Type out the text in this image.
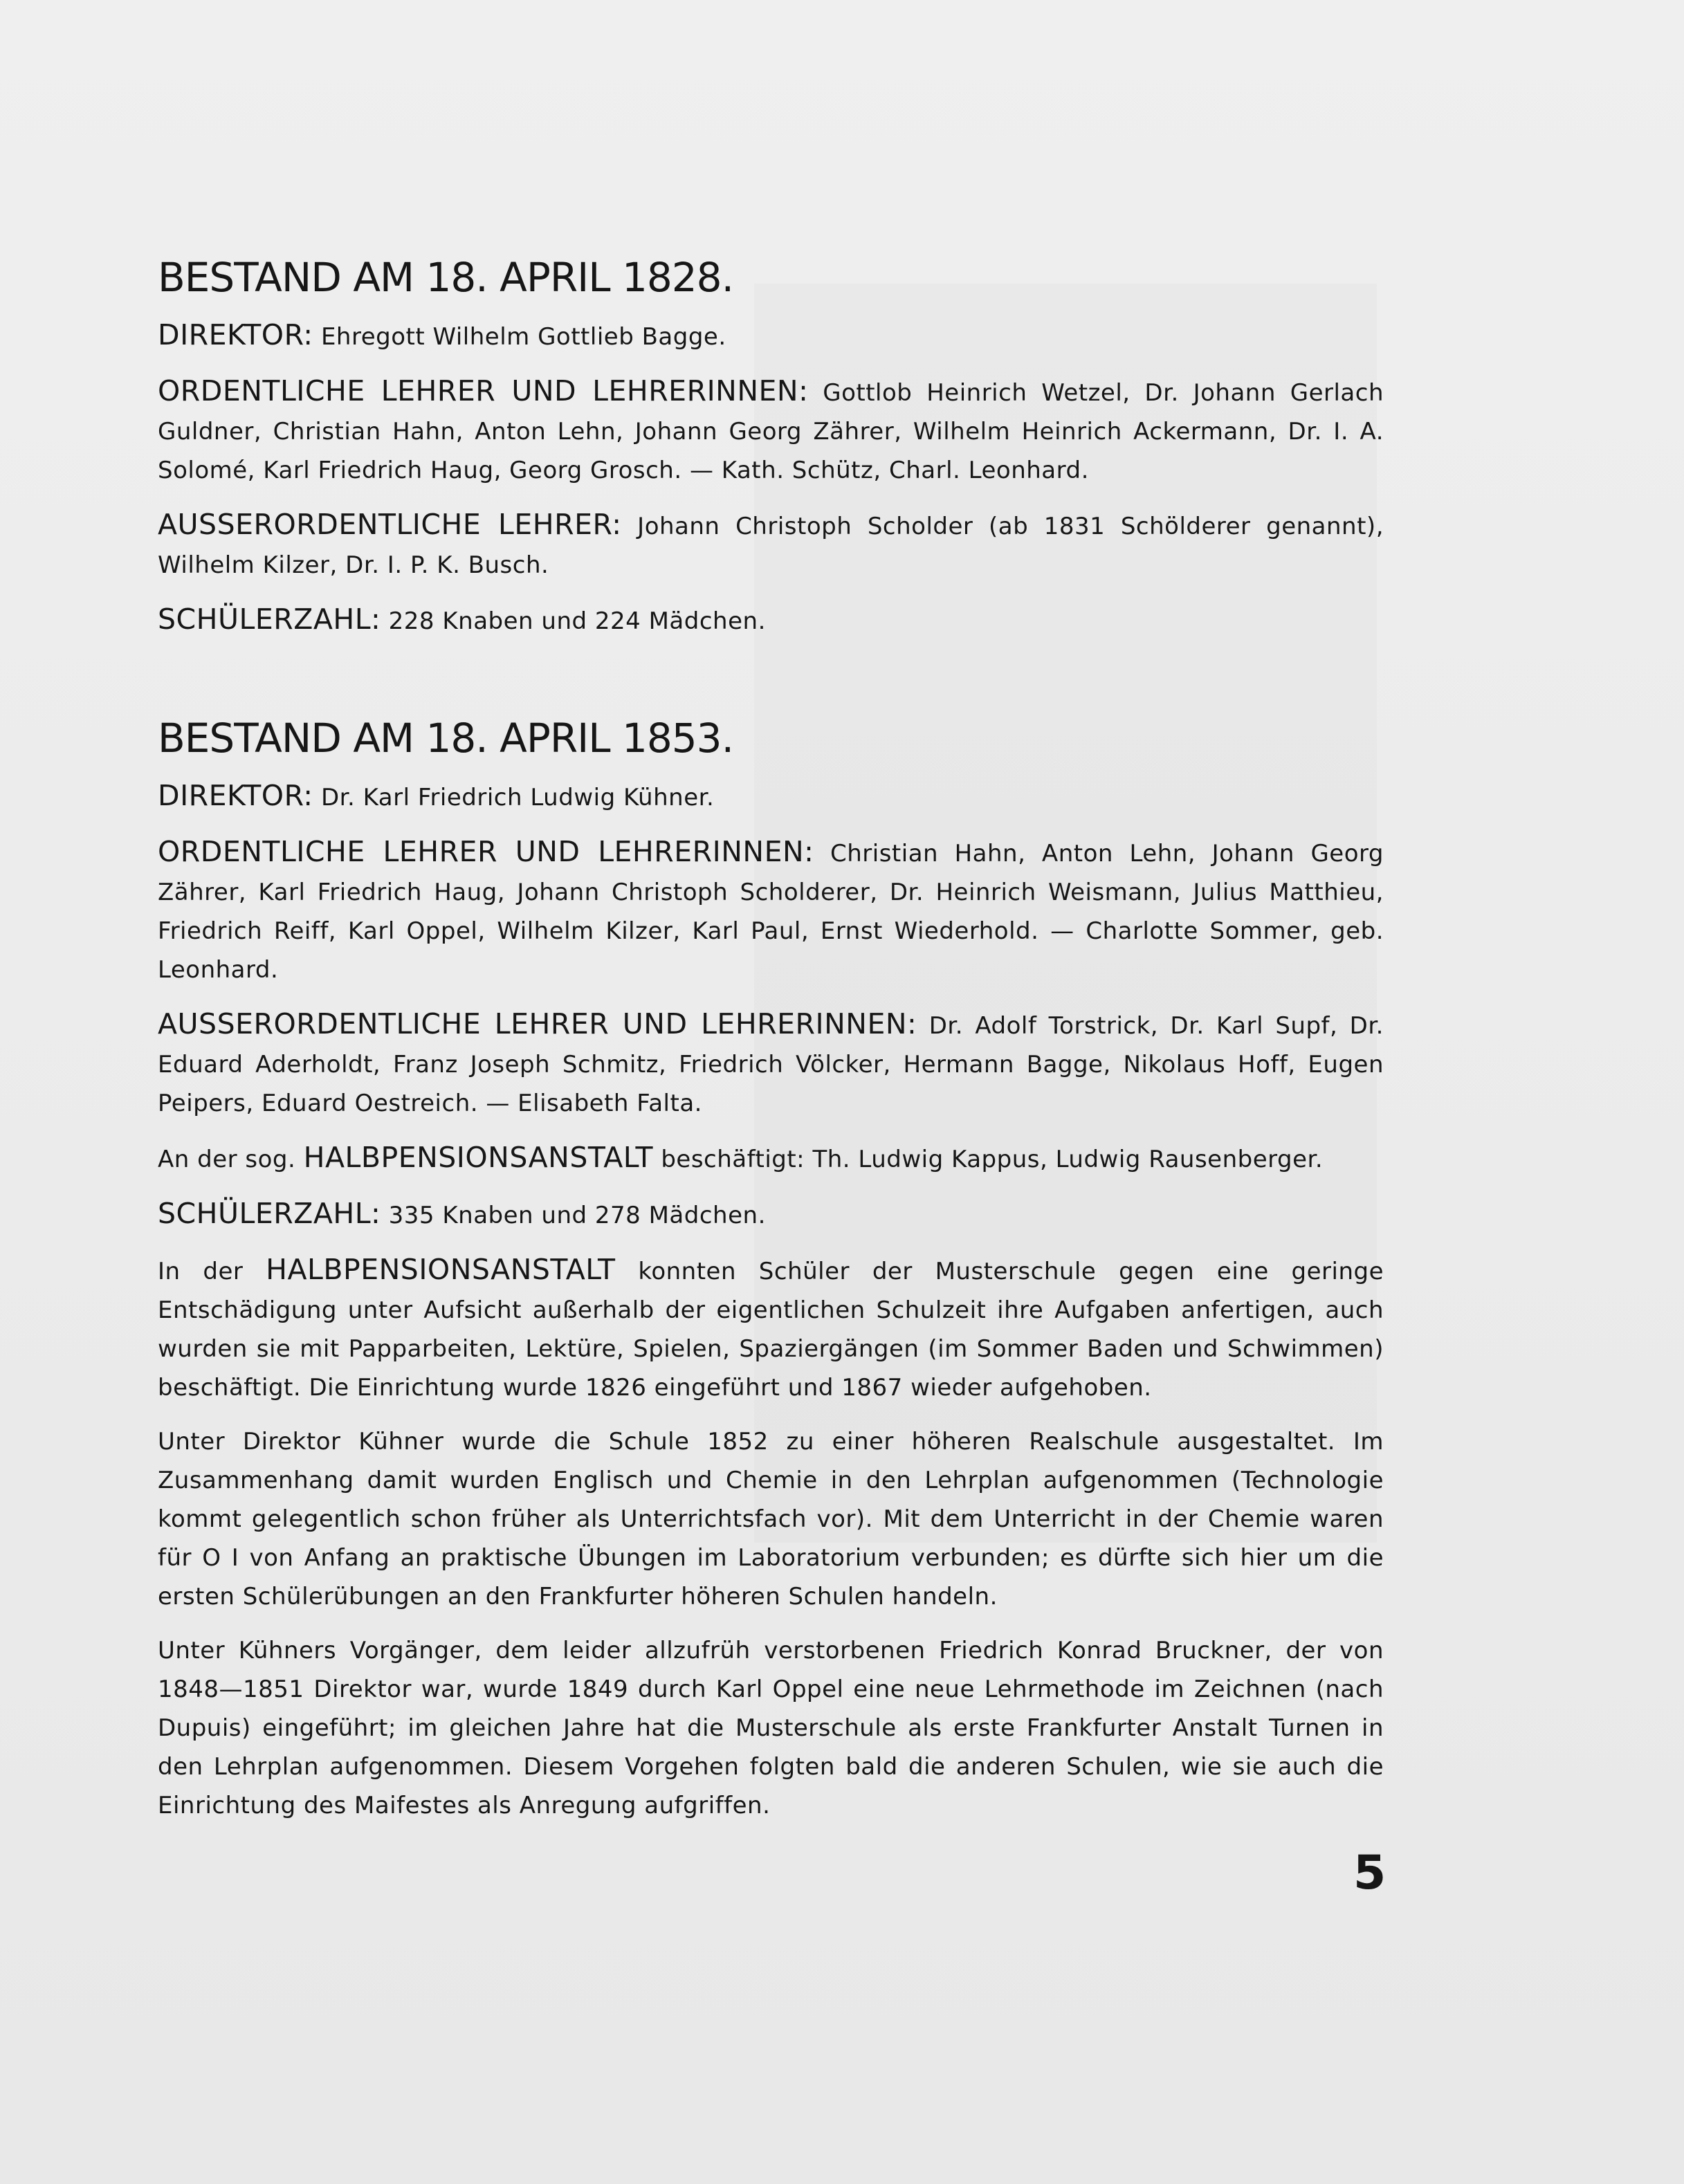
BESTAND AM 18. APRIL 1828.

DIREKTOR: Ehregott Wilhelm Gottlieb Bagge.

ORDENTLICHE LEHRER UND LEHRERINNEN: Gottlob Heinrich Wetzel, Dr. Johann Gerlach Guldner, Christian Hahn, Anton Lehn, Johann Georg Zährer, Wilhelm Heinrich Ackermann, Dr. I. A. Solomé, Karl Friedrich Haug, Georg Grosch. — Kath. Schütz, Charl. Leonhard.

AUSSERORDENTLICHE LEHRER: Johann Christoph Scholder (ab 1831 Schölderer genannt), Wilhelm Kilzer, Dr. I. P. K. Busch.

SCHÜLERZAHL: 228 Knaben und 224 Mädchen.

BESTAND AM 18. APRIL 1853.

DIREKTOR: Dr. Karl Friedrich Ludwig Kühner.

ORDENTLICHE LEHRER UND LEHRERINNEN: Christian Hahn, Anton Lehn, Johann Georg Zährer, Karl Friedrich Haug, Johann Christoph Scholderer, Dr. Heinrich Weismann, Julius Matthieu, Friedrich Reiff, Karl Oppel, Wilhelm Kilzer, Karl Paul, Ernst Wiederhold. — Charlotte Sommer, geb. Leonhard.

AUSSERORDENTLICHE LEHRER UND LEHRERINNEN: Dr. Adolf Torstrick, Dr. Karl Supf, Dr. Eduard Aderholdt, Franz Joseph Schmitz, Friedrich Völcker, Hermann Bagge, Nikolaus Hoff, Eugen Peipers, Eduard Oestreich. — Elisabeth Falta.

An der sog. HALBPENSIONSANSTALT beschäftigt: Th. Ludwig Kappus, Ludwig Rausenberger.

SCHÜLERZAHL: 335 Knaben und 278 Mädchen.

In der HALBPENSIONSANSTALT konnten Schüler der Musterschule gegen eine geringe Entschädigung unter Aufsicht außerhalb der eigentlichen Schulzeit ihre Aufgaben anfertigen, auch wurden sie mit Papparbeiten, Lektüre, Spielen, Spaziergängen (im Sommer Baden und Schwimmen) beschäftigt. Die Einrichtung wurde 1826 eingeführt und 1867 wieder aufgehoben.

Unter Direktor Kühner wurde die Schule 1852 zu einer höheren Realschule ausgestaltet. Im Zusammenhang damit wurden Englisch und Chemie in den Lehrplan aufgenommen (Technologie kommt gelegentlich schon früher als Unterrichtsfach vor). Mit dem Unterricht in der Chemie waren für O I von Anfang an praktische Übungen im Laboratorium verbunden; es dürfte sich hier um die ersten Schülerübungen an den Frankfurter höheren Schulen handeln.

Unter Kühners Vorgänger, dem leider allzufrüh verstorbenen Friedrich Konrad Bruckner, der von 1848—1851 Direktor war, wurde 1849 durch Karl Oppel eine neue Lehrmethode im Zeichnen (nach Dupuis) eingeführt; im gleichen Jahre hat die Musterschule als erste Frankfurter Anstalt Turnen in den Lehrplan aufgenommen. Diesem Vorgehen folgten bald die anderen Schulen, wie sie auch die Einrichtung des Maifestes als Anregung aufgriffen.

5
